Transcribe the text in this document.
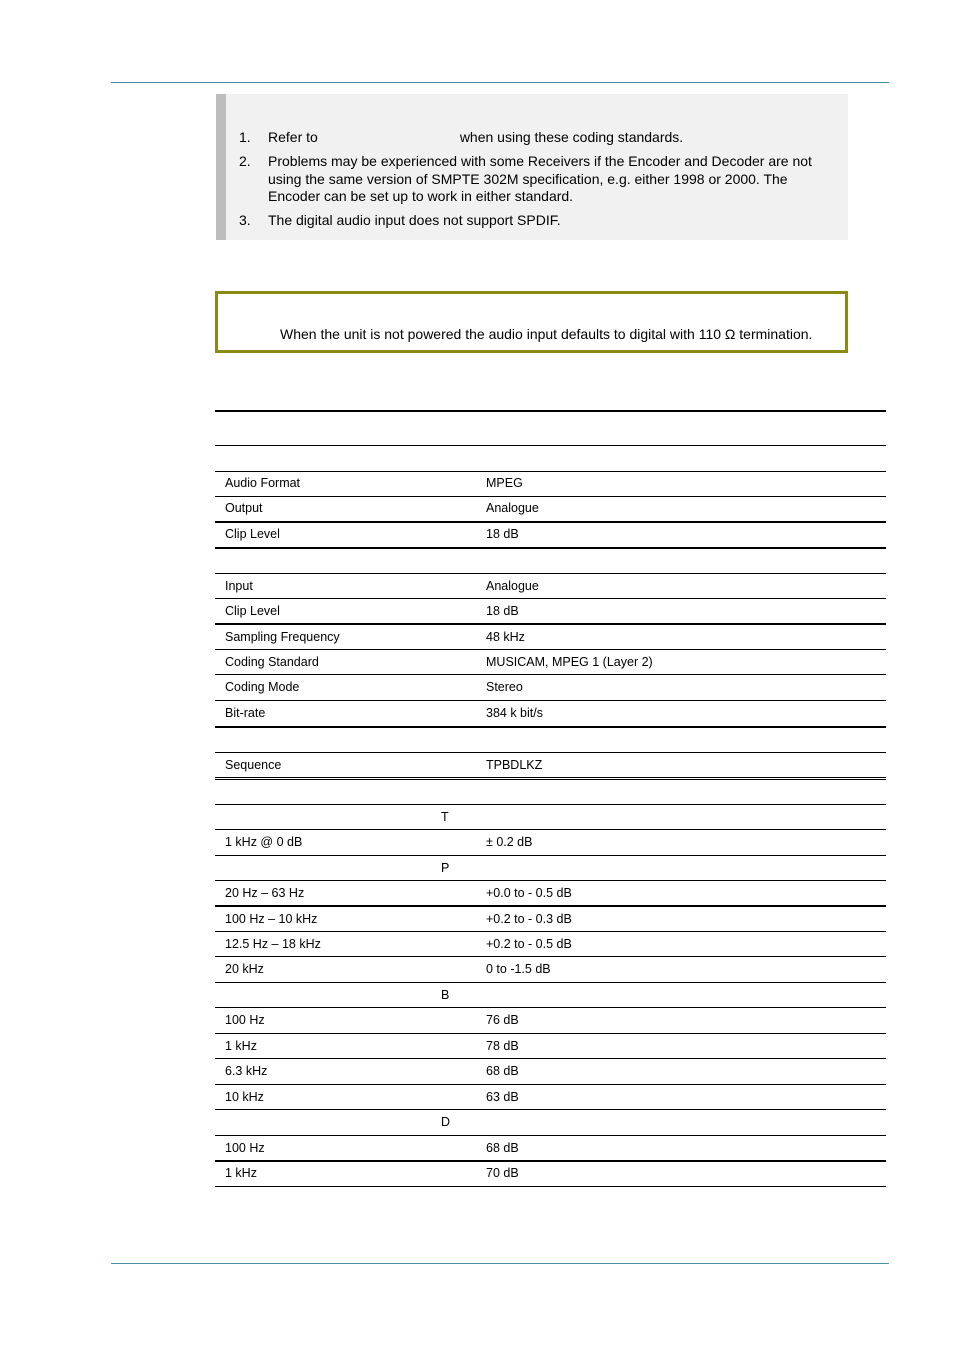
1.	Refer to	when using these coding standards.
2.	Problems may be experienced with some Receivers if the Encoder and Decoder are not using the same version of SMPTE 302M specification, e.g. either 1998 or 2000. The Encoder can be set up to work in either standard.
3.	The digital audio input does not support SPDIF.
When the unit is not powered the audio input defaults to digital with 110 Ω termination.
Audio Format	MPEG
Output	Analogue
Clip Level	18 dB
Input	Analogue
Clip Level	18 dB
Sampling Frequency	48 kHz
Coding Standard	MUSICAM, MPEG 1 (Layer 2)
Coding Mode	Stereo
Bit-rate	384 k bit/s
Sequence	TPBDLKZ
T
1 kHz @ 0 dB	± 0.2 dB
P
20 Hz – 63 Hz	+0.0 to - 0.5 dB
100 Hz – 10 kHz	+0.2 to - 0.3 dB
12.5 Hz – 18 kHz	+0.2 to - 0.5 dB
20 kHz	0 to -1.5 dB
B
100 Hz	76 dB
1 kHz	78 dB
6.3 kHz	68 dB
10 kHz	63 dB
D
100 Hz	68 dB
1 kHz	70 dB
